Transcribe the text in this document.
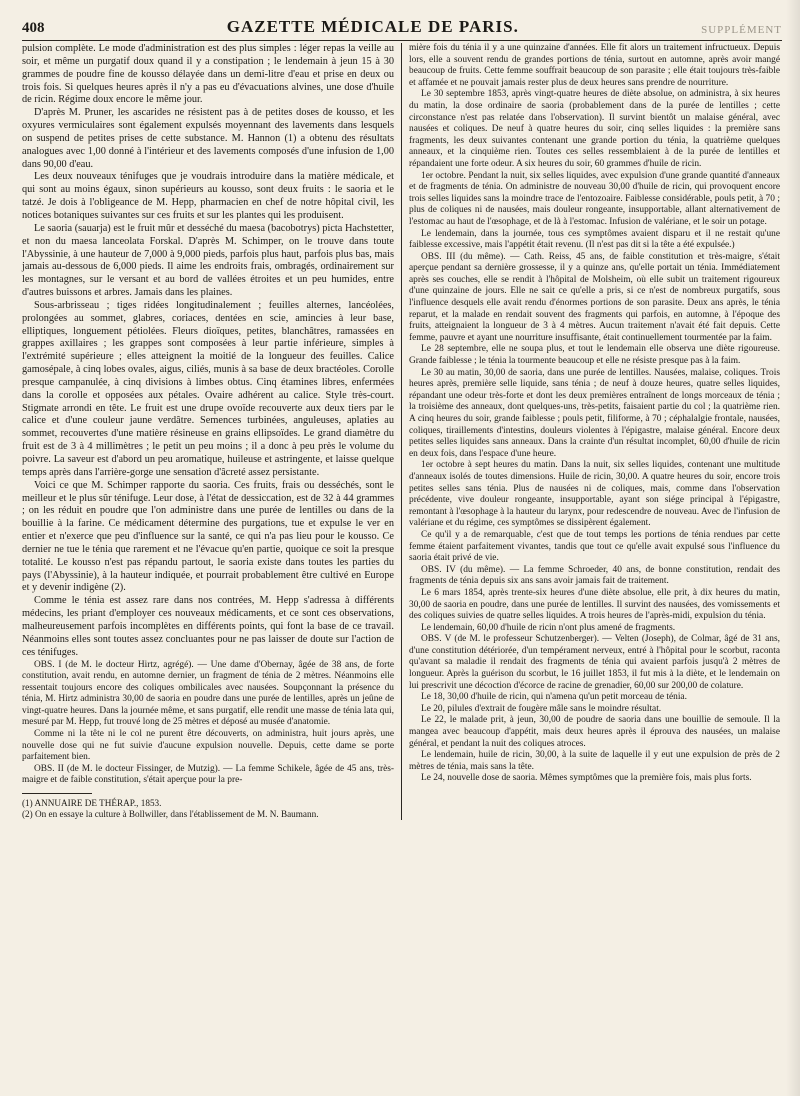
408	GAZETTE MÉDICALE DE PARIS.	SUPPLÉMENT

pulsion complète. Le mode d'administration est des plus simples : léger repas la veille au soir, et même un purgatif doux quand il y a constipation ; le lendemain à jeun 15 à 30 grammes de poudre fine de kousso délayée dans un demi-litre d'eau et prise en deux ou trois fois. Si quelques heures après il n'y a pas eu d'évacuations alvines, une dose d'huile de ricin. Régime doux encore le même jour.

D'après M. Pruner, les ascarides ne résistent pas à de petites doses de kousso, et les oxyures vermiculaires sont également expulsés moyennant des lavements dans lesquels on suspend de petites prises de cette substance. M. Hannon (1) a obtenu des résultats analogues avec 1,00 donné à l'intérieur et des lavements composés d'une infusion de 1,00 dans 90,00 d'eau.

Les deux nouveaux ténifuges que je voudrais introduire dans la matière médicale, et qui sont au moins égaux, sinon supérieurs au kousso, sont deux fruits : le saoria et le tatzé. Je dois à l'obligeance de M. Hepp, pharmacien en chef de notre hôpital civil, les notices botaniques suivantes sur ces fruits et sur les plantes qui les produisent.

Le saoria (sauarja) est le fruit mûr et desséché du maesa (bacobotrys) picta Hachstetter, et non du maesa lanceolata Forskal. D'après M. Schimper, on le trouve dans toute l'Abyssinie, à une hauteur de 7,000 à 9,000 pieds, parfois plus haut, parfois plus bas, mais jamais au-dessous de 6,000 pieds. Il aime les endroits frais, ombragés, ordinairement sur les montagnes, sur le versant et au bord de vallées étroites et un peu humides, entre d'autres buissons et arbres. Jamais dans les plaines.

Sous-arbrisseau ; tiges ridées longitudinalement ; feuilles alternes, lancéolées, prolongées au sommet, glabres, coriaces, dentées en scie, amincies à leur base, elliptiques, longuement pétiolées. Fleurs dioïques, petites, blanchâtres, ramassées en grappes axillaires ; les grappes sont composées à leur partie inférieure, simples à l'extrémité supérieure ; elles atteignent la moitié de la longueur des feuilles. Calice gamosépale, à cinq lobes ovales, aigus, ciliés, munis à sa base de deux bractéoles. Corolle presque campanulée, à cinq divisions à limbes obtus. Cinq étamines libres, enfermées dans la corolle et opposées aux pétales. Ovaire adhérent au calice. Style très-court. Stigmate arrondi en tête. Le fruit est une drupe ovoïde recouverte aux deux tiers par le calice et d'une couleur jaune verdâtre. Semences turbinées, anguleuses, aplaties au sommet, recouvertes d'une matière résineuse en grains ellipsoïdes. Le grand diamètre du fruit est de 3 à 4 millimètres ; le petit un peu moins ; il a donc à peu près le volume du poivre. La saveur est d'abord un peu aromatique, huileuse et astringente, et laisse quelque temps après dans l'arrière-gorge une sensation d'âcreté assez persistante.

Voici ce que M. Schimper rapporte du saoria. Ces fruits, frais ou desséchés, sont le meilleur et le plus sûr ténifuge. Leur dose, à l'état de dessiccation, est de 32 à 44 grammes ; on les réduit en poudre que l'on administre dans une purée de lentilles ou dans de la bouillie à la farine. Ce médicament détermine des purgations, tue et expulse le ver en entier et n'exerce que peu d'influence sur la santé, ce qui n'a pas lieu pour le kousso. Ce dernier ne tue le ténia que rarement et ne l'évacue qu'en partie, quoique ce soit la presque totalité. Le kousso n'est pas répandu partout, le saoria existe dans toutes les parties du pays (l'Abyssinie), à la hauteur indiquée, et pourrait probablement être cultivé en Europe et y devenir indigène (2).

Comme le ténia est assez rare dans nos contrées, M. Hepp s'adressa à différents médecins, les priant d'employer ces nouveaux médicaments, et ce sont ces observations, malheureusement parfois incomplètes en différents points, qui font la base de ce travail. Néanmoins elles sont toutes assez concluantes pour ne pas laisser de doute sur l'action de ces ténifuges.

OBS. I (de M. le docteur Hirtz, agrégé). — Une dame d'Obernay, âgée de 38 ans, de forte constitution, avait rendu, en automne dernier, un fragment de ténia de 2 mètres. Néanmoins elle ressentait toujours encore des coliques ombilicales avec nausées. Soupçonnant la présence du ténia, M. Hirtz administra 30,00 de saoria en poudre dans une purée de lentilles, après un jeûne de vingt-quatre heures. Dans la journée même, et sans purgatif, elle rendit une masse de ténia lata qui, mesuré par M. Hepp, fut trouvé long de 25 mètres et déposé au musée d'anatomie.

Comme ni la tête ni le col ne purent être découverts, on administra, huit jours après, une nouvelle dose qui ne fut suivie d'aucune expulsion nouvelle. Depuis, cette dame se porte parfaitement bien.

OBS. II (de M. le docteur Fissinger, de Mutzig). — La femme Schikele, âgée de 45 ans, très-maigre et de faible constitution, s'était aperçue pour la pre-

(1) ANNUAIRE DE THÉRAP., 1853.

(2) On en essaye la culture à Bollwiller, dans l'établissement de M. N. Baumann.

mière fois du ténia il y a une quinzaine d'années. Elle fit alors un traitement infructueux. Depuis lors, elle a souvent rendu de grandes portions de ténia, surtout en automne, après avoir mangé beaucoup de fruits. Cette femme souffrait beaucoup de son parasite ; elle était toujours très-faible et affamée et ne pouvait jamais rester plus de deux heures sans prendre de nourriture.

Le 30 septembre 1853, après vingt-quatre heures de diète absolue, on administra, à six heures du matin, la dose ordinaire de saoria (probablement dans de la purée de lentilles ; cette circonstance n'est pas relatée dans l'observation). Il survint bientôt un malaise général, avec nausées et coliques. De neuf à quatre heures du soir, cinq selles liquides : la première sans fragments, les deux suivantes contenant une grande portion du ténia, la quatrième quelques anneaux, et la cinquième rien. Toutes ces selles ressemblaient à de la purée de lentilles et répandaient une forte odeur. A six heures du soir, 60 grammes d'huile de ricin.

1er octobre. Pendant la nuit, six selles liquides, avec expulsion d'une grande quantité d'anneaux et de fragments de ténia. On administre de nouveau 30,00 d'huile de ricin, qui provoquent encore trois selles liquides sans la moindre trace de l'entozoaire. Faiblesse considérable, pouls petit, à 70 ; plus de coliques ni de nausées, mais douleur rongeante, insupportable, allant alternativement de l'estomac au haut de l'œsophage, et de là à l'estomac. Infusion de valériane, et le soir un potage.

Le lendemain, dans la journée, tous ces symptômes avaient disparu et il ne restait qu'une faiblesse excessive, mais l'appétit était revenu. (Il n'est pas dit si la tête a été expulsée.)

OBS. III (du même). — Cath. Reiss, 45 ans, de faible constitution et très-maigre, s'était aperçue pendant sa dernière grossesse, il y a quinze ans, qu'elle portait un ténia. Immédiatement après ses couches, elle se rendit à l'hôpital de Molsheim, où elle subit un traitement rigoureux d'une quinzaine de jours. Elle ne sait ce qu'elle a pris, si ce n'est de nombreux purgatifs, sous l'influence desquels elle avait rendu d'énormes portions de son parasite. Deux ans après, le ténia reparut, et la malade en rendait souvent des fragments qui parfois, en automne, à l'époque des fruits, atteignaient la longueur de 3 à 4 mètres. Aucun traitement n'avait été fait depuis. Cette femme, pauvre et ayant une nourriture insuffisante, était continuellement tourmentée par la faim.

Le 28 septembre, elle ne soupa plus, et tout le lendemain elle observa une diète rigoureuse. Grande faiblesse ; le ténia la tourmente beaucoup et elle ne résiste presque pas à la faim.

Le 30 au matin, 30,00 de saoria, dans une purée de lentilles. Nausées, malaise, coliques. Trois heures après, première selle liquide, sans ténia ; de neuf à douze heures, quatre selles liquides, répandant une odeur très-forte et dont les deux premières entraînent de longs morceaux de ténia ; la troisième des anneaux, dont quelques-uns, très-petits, faisaient partie du col ; la quatrième rien. A cinq heures du soir, grande faiblesse ; pouls petit, filiforme, à 70 ; céphalalgie frontale, nausées, coliques, tiraillements d'intestins, douleurs violentes à l'épigastre, malaise général. Encore deux petites selles liquides sans anneaux. Dans la crainte d'un résultat incomplet, 60,00 d'huile de ricin en deux fois, dans l'espace d'une heure.

1er octobre à sept heures du matin. Dans la nuit, six selles liquides, contenant une multitude d'anneaux isolés de toutes dimensions. Huile de ricin, 30,00. A quatre heures du soir, encore trois petites selles sans ténia. Plus de nausées ni de coliques, mais, comme dans l'observation précédente, vive douleur rongeante, insupportable, ayant son siége principal à l'épigastre, remontant à l'œsophage à la hauteur du larynx, pour redescendre de nouveau. Avec de l'infusion de valériane et du régime, ces symptômes se dissipèrent également.

Ce qu'il y a de remarquable, c'est que de tout temps les portions de ténia rendues par cette femme étaient parfaitement vivantes, tandis que tout ce qu'elle avait expulsé sous l'influence du saoria était privé de vie.

OBS. IV (du même). — La femme Schroeder, 40 ans, de bonne constitution, rendait des fragments de ténia depuis six ans sans avoir jamais fait de traitement.

Le 6 mars 1854, après trente-six heures d'une diète absolue, elle prit, à dix heures du matin, 30,00 de saoria en poudre, dans une purée de lentilles. Il survint des nausées, des vomissements et des coliques suivies de quatre selles liquides. A trois heures de l'après-midi, expulsion du ténia.

Le lendemain, 60,00 d'huile de ricin n'ont plus amené de fragments.

OBS. V (de M. le professeur Schutzenberger). — Velten (Joseph), de Colmar, âgé de 31 ans, d'une constitution détériorée, d'un tempérament nerveux, entré à l'hôpital pour le scorbut, raconta qu'avant sa maladie il rendait des fragments de ténia qui avaient parfois jusqu'à 2 mètres de longueur. Après la guérison du scorbut, le 16 juillet 1853, il fut mis à la diète, et le lendemain on lui prescrivit une décoction d'écorce de racine de grenadier, 60,00 sur 200,00 de colature.

Le 18, 30,00 d'huile de ricin, qui n'amena qu'un petit morceau de ténia.

Le 20, pilules d'extrait de fougère mâle sans le moindre résultat.

Le 22, le malade prit, à jeun, 30,00 de poudre de saoria dans une bouillie de semoule. Il la mangea avec beaucoup d'appétit, mais deux heures après il éprouva des nausées, un malaise général, et pendant la nuit des coliques atroces.

Le lendemain, huile de ricin, 30,00, à la suite de laquelle il y eut une expulsion de près de 2 mètres de ténia, mais sans la tête.

Le 24, nouvelle dose de saoria. Mêmes symptômes que la première fois, mais plus forts.
